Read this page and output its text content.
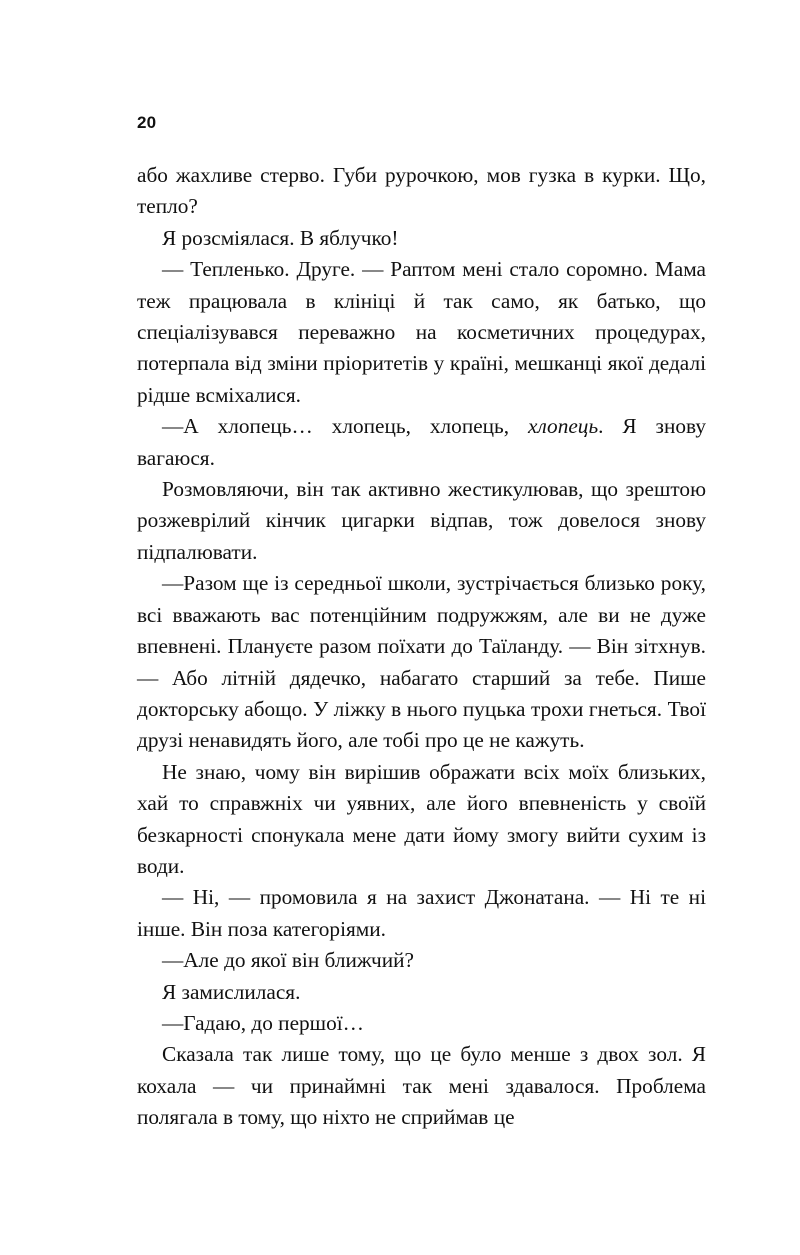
20

або жахливе стерво. Губи рурочкою, мов гузка в курки. Що, тепло?

Я розсміялася. В яблучко!

— Тепленько. Друге. — Раптом мені стало соромно. Мама теж працювала в клініці й так само, як батько, що спеціалізувався переважно на косметичних процедурах, потерпала від зміни пріоритетів у країні, мешканці якої дедалі рідше всміхалися.

—А хлопець… хлопець, хлопець, хлопець. Я знову вагаюся.

Розмовляючи, він так активно жестикулював, що зрештою розжеврілий кінчик цигарки відпав, тож довелося знову підпалювати.

—Разом ще із середньої школи, зустрічається близько року, всі вважають вас потенційним подружжям, але ви не дуже впевнені. Плануєте разом поїхати до Таїланду. — Він зітхнув. — Або літній дядечко, набагато старший за тебе. Пише докторську абощо. У ліжку в нього пуцька трохи гнеться. Твої друзі ненавидять його, але тобі про це не кажуть.

Не знаю, чому він вирішив ображати всіх моїх близьких, хай то справжніх чи уявних, але його впевненість у своїй безкарності спонукала мене дати йому змогу вийти сухим із води.

— Ні, — промовила я на захист Джонатана. — Ні те ні інше. Він поза категоріями.

—Але до якої він ближчий?

Я замислилася.

—Гадаю, до першої…

Сказала так лише тому, що це було менше з двох зол. Я кохала — чи принаймні так мені здавалося. Проблема полягала в тому, що ніхто не сприймав це
